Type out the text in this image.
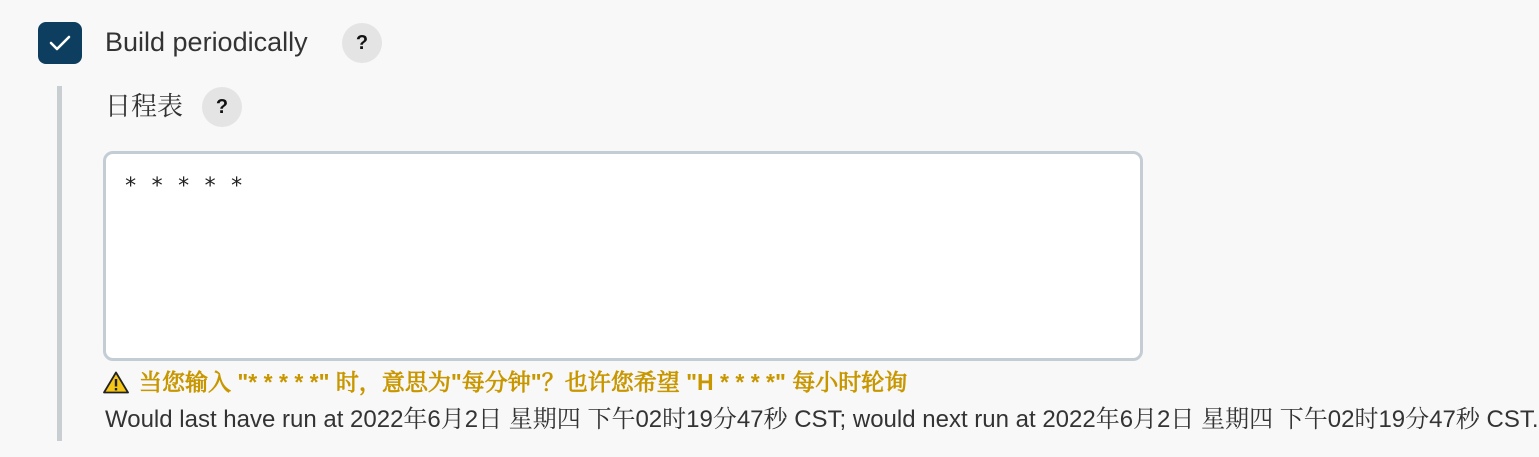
Build periodically	?
日程表	?
* * * * *
当您输入 "* * * * *" 时，意思为"每分钟"？也许您希望 "H * * * *" 每小时轮询
Would last have run at 2022年6月2日 星期四 下午02时19分47秒 CST; would next run at 2022年6月2日 星期四 下午02时19分47秒 CST.
